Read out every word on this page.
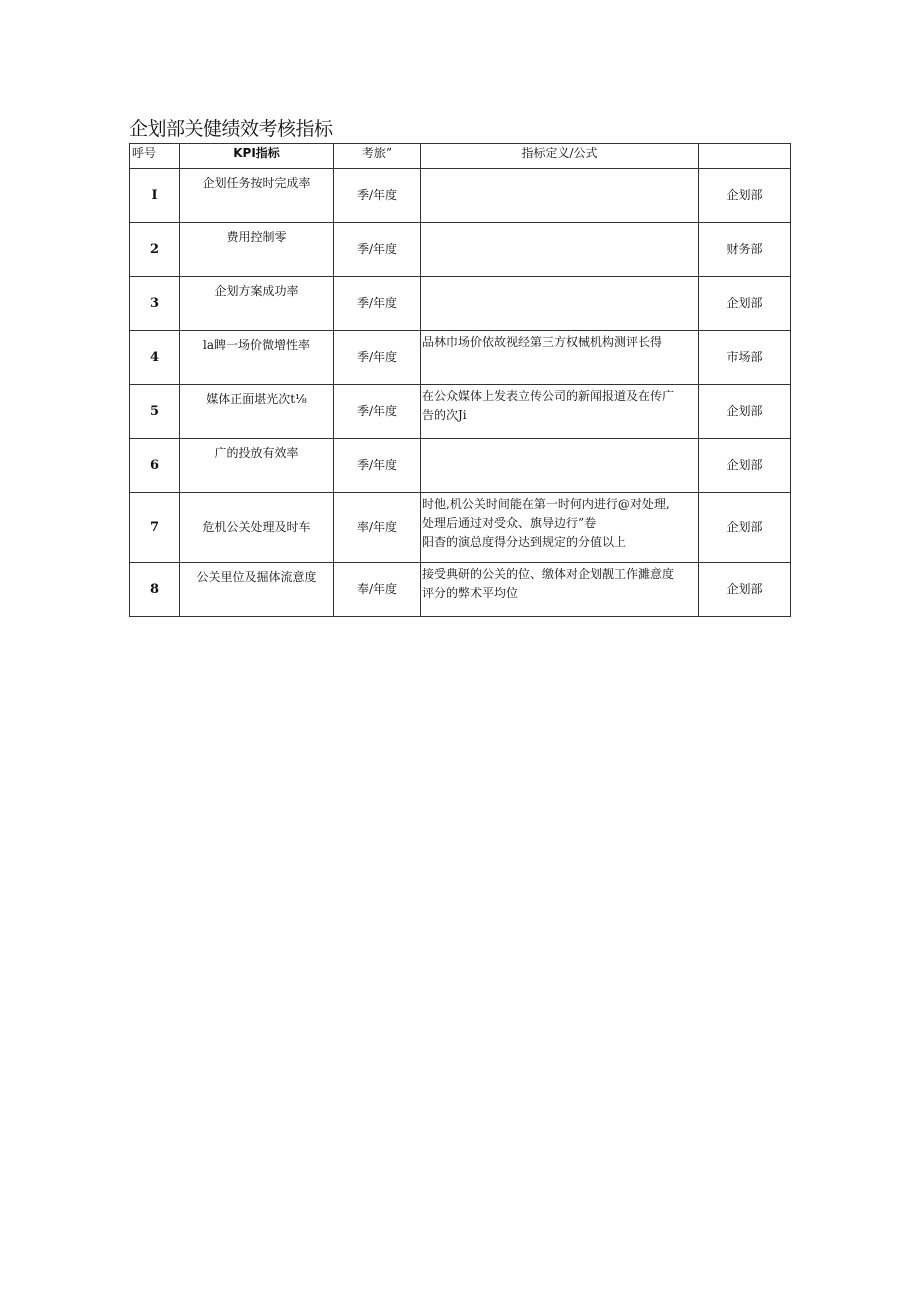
企划部关健绩效考核指标
呼号	KPI指标	考旅”	指标定义/公式	
I	企划任务按时完成率	季/年度		企划部
2	费用控制零	季/年度		财务部
3	企划方案成功率	季/年度		企划部
4	la睥一场价微增性率	季/年度	品林巾场价依故视经第三方权械机构测评长得	市场部
5	媒体正面堪光次t⅛	季/年度	在公众媒体上发表立传公司的新闻报道及在传广
告的次Ji	企划部
6	广的投放有效率	季/年度		企划部
7	危机公关处理及时车	率/年度	时他,机公关时间能在第一时何内进行@对处理,
处理后通过对受众、旗导边行”卷
阳杳的演总度得分达到规定的分值以上	企划部
8	公关里位及掘体流意度	奉/年度	接受典研的公关的位、缴体对企划靓工作濉意度
评分的弊术平均位	企划部
